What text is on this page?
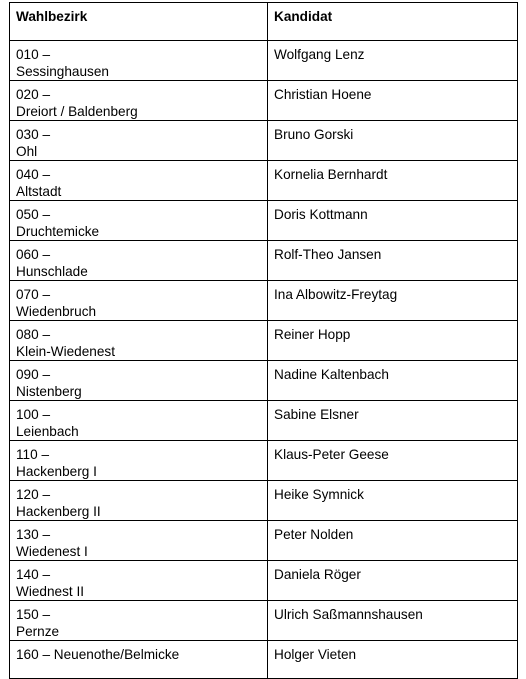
Wahlbezirk	Kandidat

010 –
Sessinghausen	Wolfgang Lenz

020 –
Dreiort / Baldenberg	Christian Hoene

030 –
Ohl	Bruno Gorski

040 –
Altstadt	Kornelia Bernhardt

050 –
Druchtemicke	Doris Kottmann

060 –
Hunschlade	Rolf-Theo Jansen

070 –
Wiedenbruch	Ina Albowitz-Freytag

080 –
Klein-Wiedenest	Reiner Hopp

090 –
Nistenberg	Nadine Kaltenbach

100 –
Leienbach	Sabine Elsner

110 –
Hackenberg I	Klaus-Peter Geese

120 –
Hackenberg II	Heike Symnick

130 –
Wiedenest I	Peter Nolden

140 –
Wiednest II	Daniela Röger

150 –
Pernze	Ulrich Saßmannshausen

160 – Neuenothe/Belmicke	Holger Vieten
